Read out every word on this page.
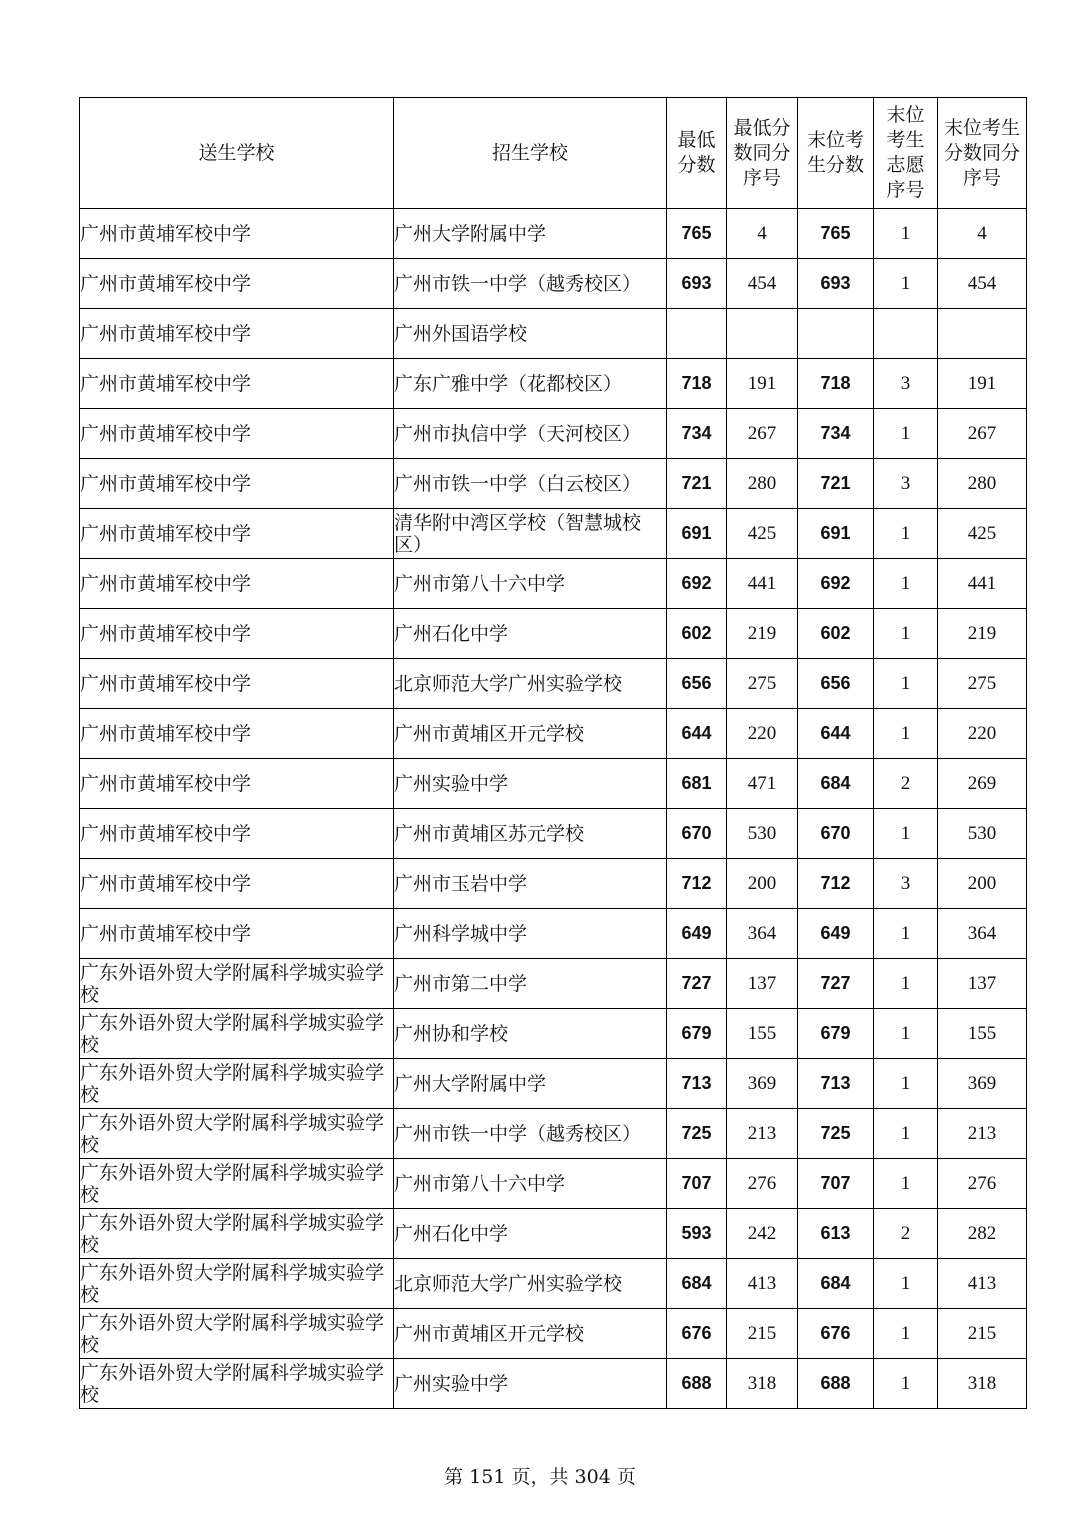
送生学校	招生学校	最低分数	最低分数同分序号	末位考生分数	末位考生志愿序号	末位考生分数同分序号
广州市黄埔军校中学	广州大学附属中学	765	4	765	1	4
广州市黄埔军校中学	广州市铁一中学（越秀校区）	693	454	693	1	454
广州市黄埔军校中学	广州外国语学校					
广州市黄埔军校中学	广东广雅中学（花都校区）	718	191	718	3	191
广州市黄埔军校中学	广州市执信中学（天河校区）	734	267	734	1	267
广州市黄埔军校中学	广州市铁一中学（白云校区）	721	280	721	3	280
广州市黄埔军校中学	清华附中湾区学校（智慧城校区）	691	425	691	1	425
广州市黄埔军校中学	广州市第八十六中学	692	441	692	1	441
广州市黄埔军校中学	广州石化中学	602	219	602	1	219
广州市黄埔军校中学	北京师范大学广州实验学校	656	275	656	1	275
广州市黄埔军校中学	广州市黄埔区开元学校	644	220	644	1	220
广州市黄埔军校中学	广州实验中学	681	471	684	2	269
广州市黄埔军校中学	广州市黄埔区苏元学校	670	530	670	1	530
广州市黄埔军校中学	广州市玉岩中学	712	200	712	3	200
广州市黄埔军校中学	广州科学城中学	649	364	649	1	364
广东外语外贸大学附属科学城实验学校	广州市第二中学	727	137	727	1	137
广东外语外贸大学附属科学城实验学校	广州协和学校	679	155	679	1	155
广东外语外贸大学附属科学城实验学校	广州大学附属中学	713	369	713	1	369
广东外语外贸大学附属科学城实验学校	广州市铁一中学（越秀校区）	725	213	725	1	213
广东外语外贸大学附属科学城实验学校	广州市第八十六中学	707	276	707	1	276
广东外语外贸大学附属科学城实验学校	广州石化中学	593	242	613	2	282
广东外语外贸大学附属科学城实验学校	北京师范大学广州实验学校	684	413	684	1	413
广东外语外贸大学附属科学城实验学校	广州市黄埔区开元学校	676	215	676	1	215
广东外语外贸大学附属科学城实验学校	广州实验中学	688	318	688	1	318
第 151 页，共 304 页
